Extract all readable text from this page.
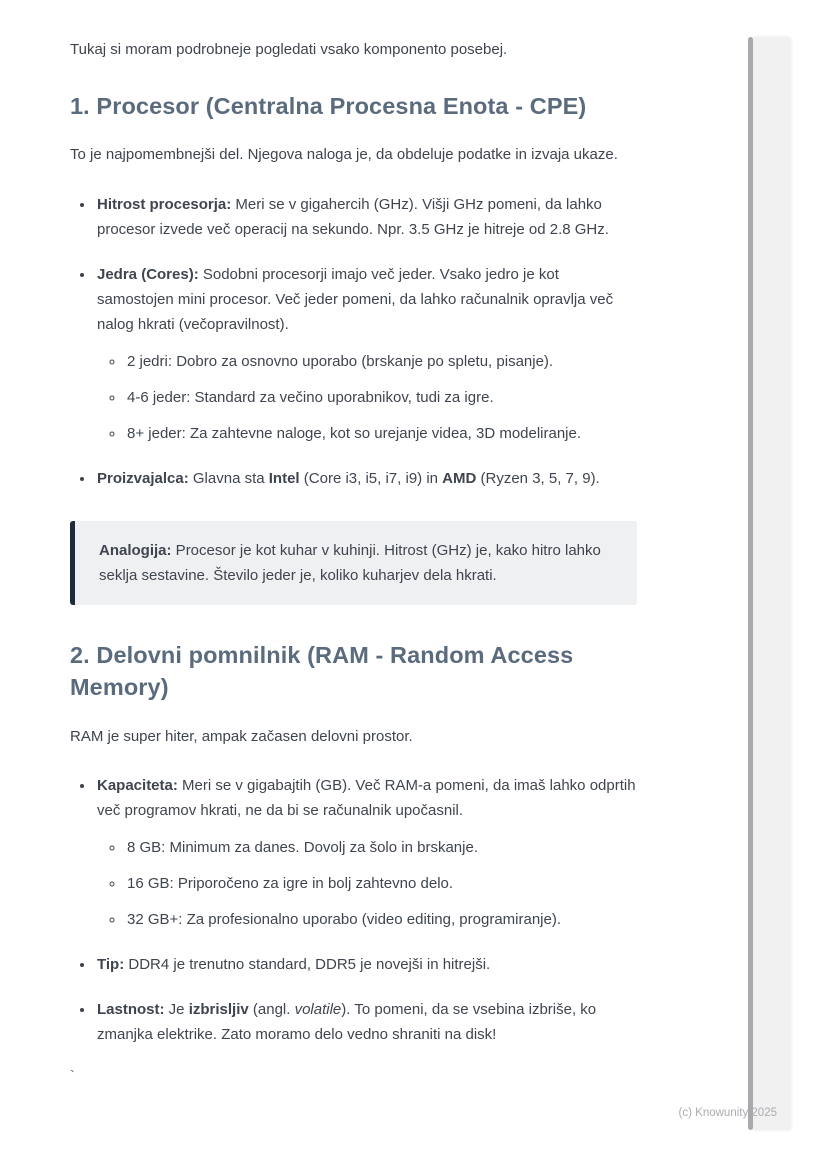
Tukaj si moram podrobneje pogledati vsako komponento posebej.

1. Procesor (Centralna Procesna Enota - CPE)

To je najpomembnejši del. Njegova naloga je, da obdeluje podatke in izvaja ukaze.

• Hitrost procesorja: Meri se v gigahercih (GHz). Višji GHz pomeni, da lahko procesor izvede več operacij na sekundo. Npr. 3.5 GHz je hitreje od 2.8 GHz.
• Jedra (Cores): Sodobni procesorji imajo več jeder. Vsako jedro je kot samostojen mini procesor. Več jeder pomeni, da lahko računalnik opravlja več nalog hkrati (večopravilnost).
◦ 2 jedri: Dobro za osnovno uporabo (brskanje po spletu, pisanje).
◦ 4-6 jeder: Standard za večino uporabnikov, tudi za igre.
◦ 8+ jeder: Za zahtevne naloge, kot so urejanje videa, 3D modeliranje.
• Proizvajalca: Glavna sta Intel (Core i3, i5, i7, i9) in AMD (Ryzen 3, 5, 7, 9).

Analogija: Procesor je kot kuhar v kuhinji. Hitrost (GHz) je, kako hitro lahko seklja sestavine. Število jeder je, koliko kuharjev dela hkrati.

2. Delovni pomnilnik (RAM - Random Access Memory)

RAM je super hiter, ampak začasen delovni prostor.

• Kapaciteta: Meri se v gigabajtih (GB). Več RAM-a pomeni, da imaš lahko odprtih več programov hkrati, ne da bi se računalnik upočasnil.
◦ 8 GB: Minimum za danes. Dovolj za šolo in brskanje.
◦ 16 GB: Priporočeno za igre in bolj zahtevno delo.
◦ 32 GB+: Za profesionalno uporabo (video editing, programiranje).
• Tip: DDR4 je trenutno standard, DDR5 je novejši in hitrejši.
• Lastnost: Je izbrisljiv (angl. volatile). To pomeni, da se vsebina izbriše, ko zmanjka elektrike. Zato moramo delo vedno shraniti na disk!

`

(c) Knowunity 2025
